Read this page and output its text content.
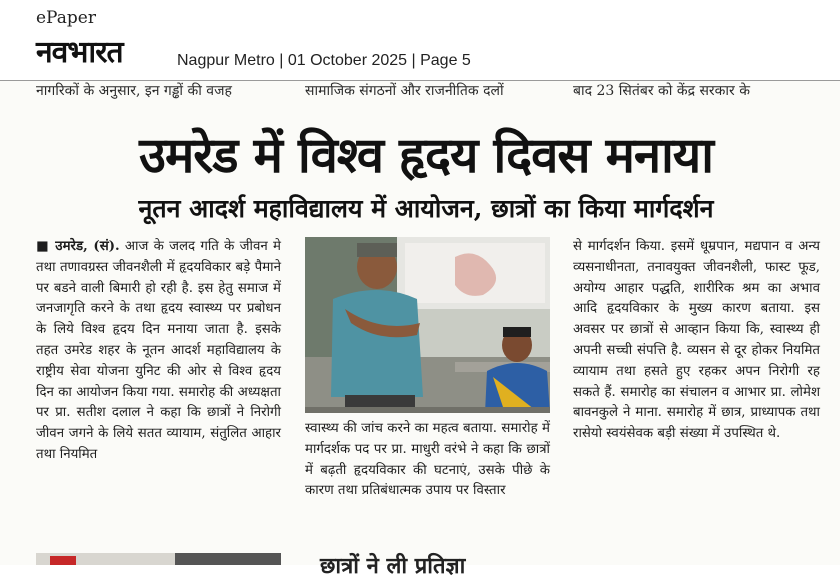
ePaper
नवभारत	Nagpur Metro | 01 October 2025 | Page 5
नागरिकों के अनुसार, इन गड्ढों की वजह	सामाजिक संगठनों और राजनीतिक दलों	बाद 23 सितंबर को केंद्र सरकार के
उमरेड में विश्व हृदय दिवस मनाया
नूतन आदर्श महाविद्यालय में आयोजन, छात्रों का किया मार्गदर्शन

■ उमरेड, (सं). आज के जलद गति के जीवन मे तथा तणावग्रस्त जीवनशैली में हृदयविकार बड़े पैमाने पर बडने वाली बिमारी हो रही है. इस हेतु समाज में जनजागृति करने के तथा हृदय स्वास्थ्य पर प्रबोधन के लिये विश्व हृदय दिन मनाया जाता है. इसके तहत उमरेड शहर के नूतन आदर्श महाविद्यालय के राष्ट्रीय सेवा योजना युनिट की ओर से विश्व हृदय दिन का आयोजन किया गया. समारोह की अध्यक्षता पर प्रा. सतीश दलाल ने कहा कि छात्रों ने निरोगी जीवन जगने के लिये सतत व्यायाम, संतुलित आहार तथा नियमित

स्वास्थ्य की जांच करने का महत्व बताया. समारोह में मार्गदर्शक पद पर प्रा. माधुरी वरंभे ने कहा कि छात्रों में बढ़ती हृदयविकार की घटनाएं, उसके पीछे के कारण तथा प्रतिबंधात्मक उपाय पर विस्तार

से मार्गदर्शन किया. इसमें धूम्रपान, मद्यपान व अन्य व्यसनाधीनता, तनावयुक्त जीवनशैली, फास्ट फूड, अयोग्य आहार पद्धति, शारीरिक श्रम का अभाव आदि हृदयविकार के मुख्य कारण बताया. इस अवसर पर छात्रों से आव्हान किया कि, स्वास्थ्य ही अपनी सच्ची संपत्ति है. व्यसन से दूर होकर नियमित व्यायाम तथा हसते हुए रहकर अपन निरोगी रह सकते हैं. समारोह का संचालन व आभार प्रा. लोमेश बावनकुले ने माना. समारोह में छात्र, प्राध्यापक तथा रासेयो स्वयंसेवक बड़ी संख्या में उपस्थित थे.

छात्रों ने ली प्रतिज्ञा
